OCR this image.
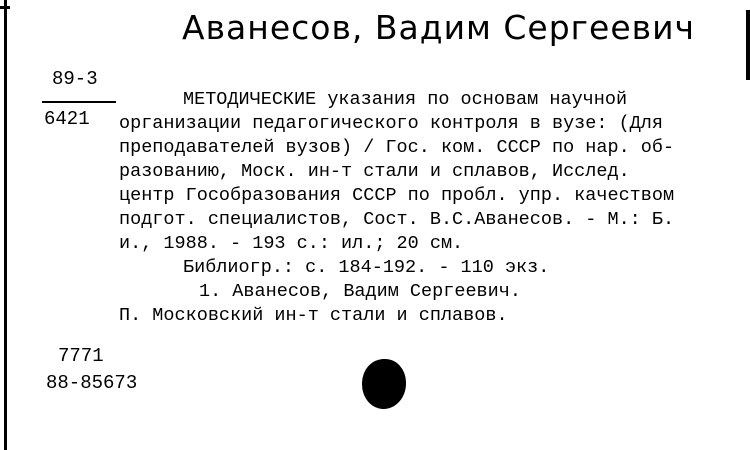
Аванесов, Вадим Сергеевич
89-3
6421
МЕТОДИЧЕСКИЕ указания по основам научной
организации педагогического контроля в вузе: (Для
преподавателей вузов) / Гос. ком. СССР по нар. об-
разованию, Моск. ин-т стали и сплавов, Исслед.
центр Гособразования СССР по пробл. упр. качеством
подгот. специалистов, Сост. В.С.Аванесов. - М.: Б.
и., 1988. - 193 с.: ил.; 20 см.
Библиогр.: с. 184-192. - 110 экз.
1. Аванесов, Вадим Сергеевич.
П. Московский ин-т стали и сплавов.
7771
88-85673
